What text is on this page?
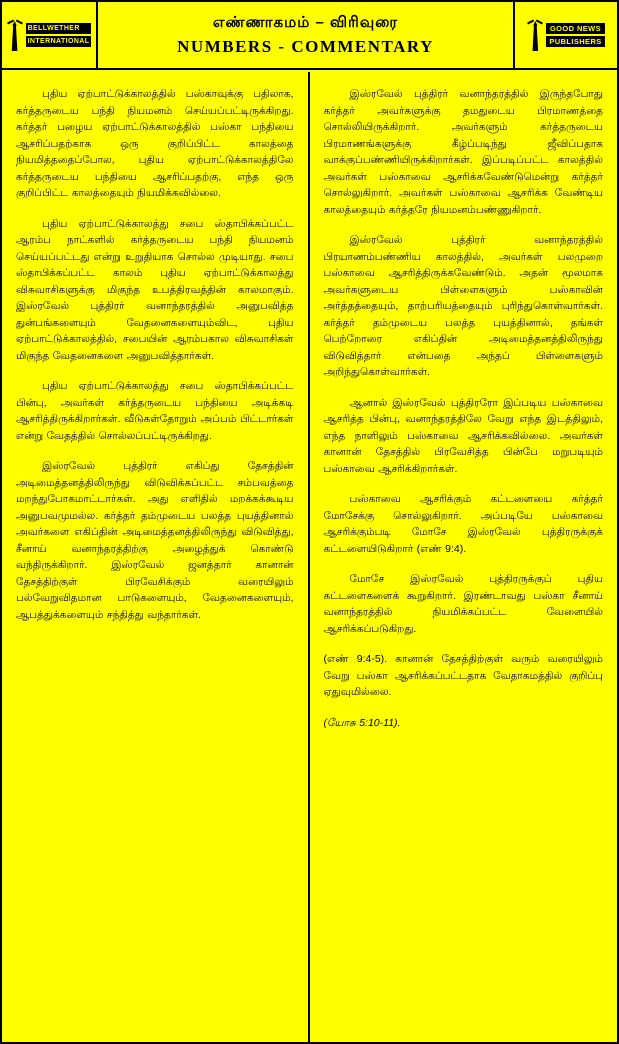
BELLWETHER
INTERNATIONAL
எண்ணாகமம் – விரிவுரை
NUMBERS - COMMENTARY
GOOD NEWS
PUBLISHERS

புதிய ஏற்பாட்டுக்காலத்தில் பஸ்காவுக்கு பதிலாக, கர்த்தருடைய பந்தி நியமனம் செய்யப்பட்டிருக்கிறது. கர்த்தர் பழைய ஏற்பாட்டுக்காலத்தில் பஸ்கா பந்தியை ஆசரிப்பதற்காக ஒரு குறிப்பிட்ட காலத்தை நியமித்ததைப்போல, புதிய ஏற்பாட்டுக்காலத்திலே கர்த்தருடைய பந்தியை ஆசரிப்பதற்கு, எந்த ஒரு குறிப்பிட்ட காலத்தையும் நியமிக்கவில்லை.

புதிய ஏற்பாட்டுக்காலத்து சபை ஸ்தாபிக்கப்பட்ட ஆரம்ப நாட்களில் கர்த்தருடைய பந்தி நியமனம் செய்யப்பட்டது என்று உறுதியாக சொல்ல முடியாது. சபை ஸ்தாபிக்கப்பட்ட காலம் புதிய ஏற்பாட்டுக்காலத்து விசுவாசிகளுக்கு மிகுந்த உபத்திரவத்தின் காலமாகும். இஸ்ரவேல் புத்திரர் வனாந்தரத்தில் அனுபவித்த துன்பங்களையும் வேதனைகளையும்விட, புதிய ஏற்பாட்டுக்காலத்தில், சபையின் ஆரம்பகால விசுவாசிகள் மிகுந்த வேதனைகளை அனுபவித்தார்கள்.

புதிய ஏற்பாட்டுக்காலத்து சபை ஸ்தாபிக்கப்பட்ட பின்பு, அவர்கள் கர்த்தருடைய பந்தியை அடிக்கடி ஆசரித்திருக்கிறார்கள். வீடுகள்தோறும் அப்பம் பிட்டார்கள் என்று வேதத்தில் சொல்லப்பட்டிருக்கிறது.

இஸ்ரவேல் புத்திரர் எகிப்து தேசத்தின் அடிமைத்தனத்திலிருந்து விடுவிக்கப்பட்ட சம்பவத்தை மறந்துபோகமாட்டார்கள். அது எளிதில் மறக்கக்கூடிய அனுபவமுமல்ல. கர்த்தர் தம்முடைய பலத்த புயத்தினால் அவர்களை எகிப்தின் அடிமைத்தனத்திலிருந்து விடுவித்து, சீனாய் வனாந்தரத்திற்கு அழைத்துக் கொண்டு வந்திருக்கிறார். இஸ்ரவேல் ஜனத்தார் கானான் தேசத்திற்குள் பிரவேசிக்கும் வரையிலும் பல்வேறுவிதமான பாடுகளையும், வேதனைகளையும், ஆபத்துக்களையும் சந்தித்து வந்தார்கள்.

இஸ்ரவேல் புத்திரர் வனாந்தரத்தில் இருந்தபோது கர்த்தர் அவர்களுக்கு தமதுடைய பிரமாணத்தை சொல்லியிருக்கிறார். அவர்களும் கர்த்தருடைய பிரமாணங்களுக்கு கீழ்ப்படிந்து ஜீவிப்பதாக வாக்குப்பண்ணியிருக்கிறார்கள். இப்படிப்பட்ட காலத்தில் அவர்கள் பஸ்காவை ஆசரிக்கவேண்டுமென்று கர்த்தர் சொல்லுகிறார். அவர்கள் பஸ்காவை ஆசரிக்க வேண்டிய காலத்தையும் கர்த்தரே நியமனம்பண்ணுகிறார்.

இஸ்ரவேல் புத்திரர் வனாந்தரத்தில் பிரயாணம்பண்ணிய காலத்தில், அவர்கள் பலமுறை பஸ்காவை ஆசரித்திருக்கவேண்டும். அதன் மூலமாக அவர்களுடைய பிள்ளைகளும் பஸ்காவின் அர்த்தத்தையும், தாற்பரியத்தையும் புரிந்துகொள்வார்கள். கர்த்தர் தம்முடைய பலத்த புயத்தினால், தங்கள் பெற்றோரை எகிப்தின் அடிமைத்தனத்திலிருந்து விடுவித்தார் என்பதை அந்தப் பிள்ளைகளும் அறிந்துகொள்வார்கள்.

ஆனால் இஸ்ரவேல் புத்திரரோ இப்படிய பஸ்காவை ஆசரித்த பின்பு, வனாந்தரத்திலே வேறு எந்த இடத்திலும், எந்த நாளிலும் பஸ்காவை ஆசரிக்கவில்லை. அவர்கள் கானான் தேசத்தில் பிரவேசித்த பின்பே மறுபடியும் பஸ்காவை ஆசரிக்கிறார்கள்.

பஸ்காவை ஆசரிக்கும் கட்டளையை கர்த்தர் மோசேக்கு சொல்லுகிறார். அப்படியே பஸ்காவை ஆசரிக்கும்படி மோசே இஸ்ரவேல் புத்திரருக்குக் கட்டளையிடுகிறார் (எண் 9:4).

மோசே இஸ்ரவேல் புத்திரருக்குப் புதிய கட்டளைகளைக் கூறுகிறார். இரண்டாவது பஸ்கா சீனாய் வனாந்தரத்தில் நியமிக்கப்பட்ட வேளையில் ஆசரிக்கப்படுகிறது.

(எண் 9:4-5). கானான் தேசத்திற்குள் வரும் வரையிலும் வேறு பஸ்கா ஆசரிக்கப்பட்டதாக வேதாகமத்தில் குறிப்பு ஏதுவுமில்லை.

(யோசு 5:10-11).
